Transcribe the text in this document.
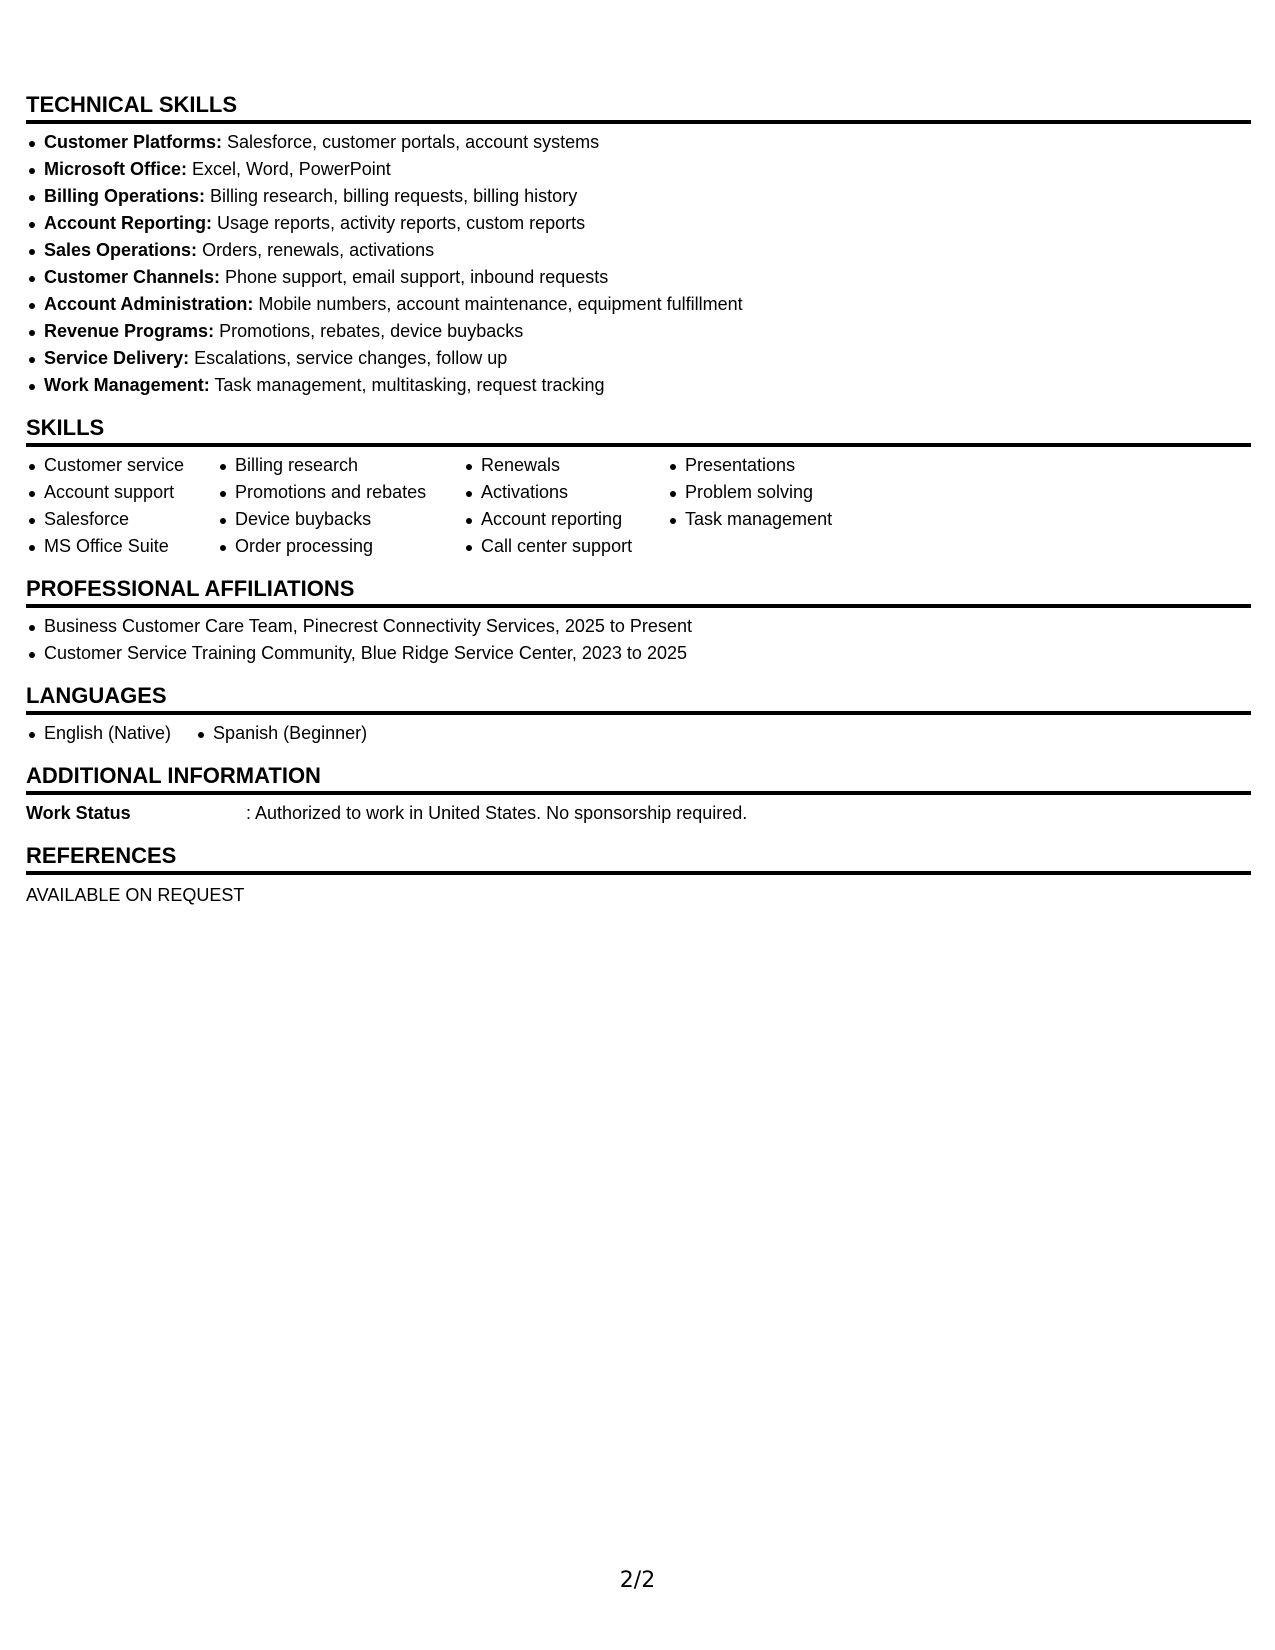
TECHNICAL SKILLS
Customer Platforms: Salesforce, customer portals, account systems
Microsoft Office: Excel, Word, PowerPoint
Billing Operations: Billing research, billing requests, billing history
Account Reporting: Usage reports, activity reports, custom reports
Sales Operations: Orders, renewals, activations
Customer Channels: Phone support, email support, inbound requests
Account Administration: Mobile numbers, account maintenance, equipment fulfillment
Revenue Programs: Promotions, rebates, device buybacks
Service Delivery: Escalations, service changes, follow up
Work Management: Task management, multitasking, request tracking
SKILLS
Customer service
Account support
Salesforce
MS Office Suite
Billing research
Promotions and rebates
Device buybacks
Order processing
Renewals
Activations
Account reporting
Call center support
Presentations
Problem solving
Task management
PROFESSIONAL AFFILIATIONS
Business Customer Care Team, Pinecrest Connectivity Services, 2025 to Present
Customer Service Training Community, Blue Ridge Service Center, 2023 to 2025
LANGUAGES
English (Native)	Spanish (Beginner)
ADDITIONAL INFORMATION
Work Status	: Authorized to work in United States. No sponsorship required.
REFERENCES
AVAILABLE ON REQUEST
2/2
